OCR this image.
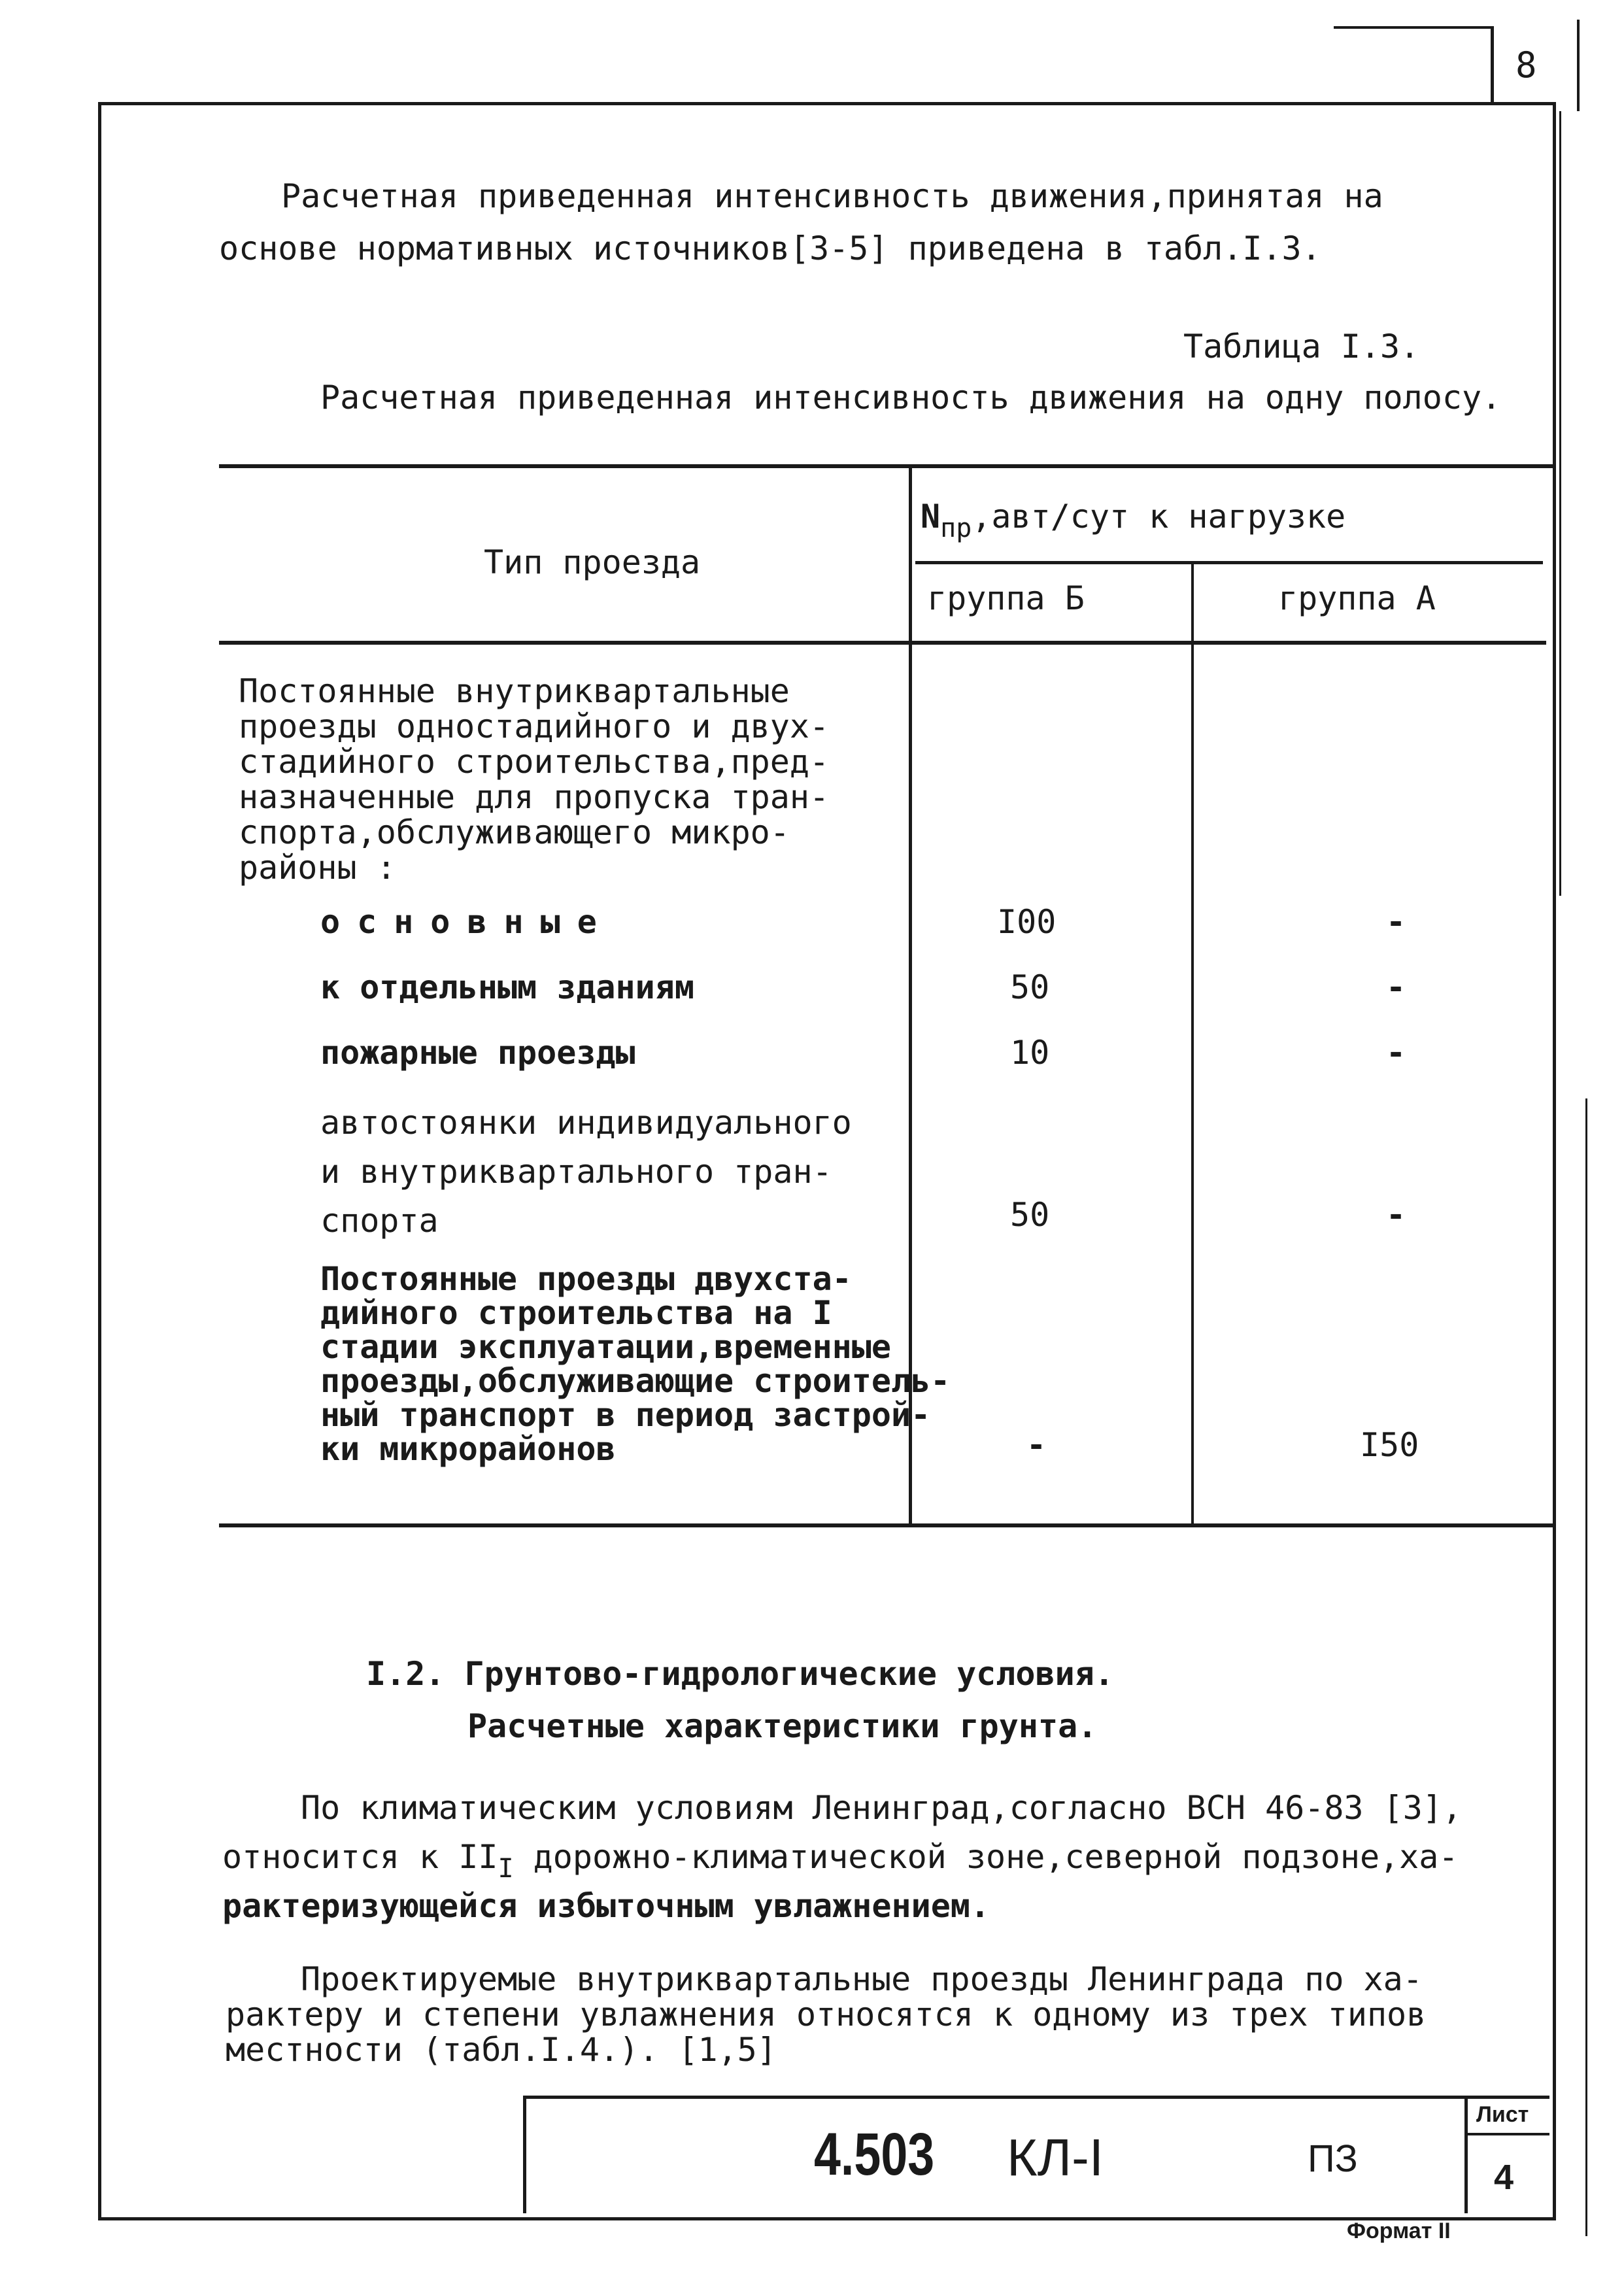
8
Расчетная приведенная интенсивность движения,принятая на
основе нормативных источников[3-5] приведена в табл.I.3.
Таблица I.3.
Расчетная приведенная интенсивность движения на одну полосу.
Тип проезда
$N_{пр},авт$/сут к нагрузке
группа Б	группа А
Постоянные внутриквартальные
проезды одностадийного и двух-
стадийного строительства,пред-
назначенные для пропуска тран-
спорта,обслуживающего микро-
районы :
основные	I00	-
к отдельным зданиям	50	-
пожарные проезды	10	-
автостоянки индивидуального
и внутриквартального тран-
спорта	50	-
Постоянные проезды двухста-
дийного строительства на I
стадии эксплуатации,временные
проезды,обслуживающие строитель-
ный транспорт в период застрой-
ки микрорайонов	-	I50
I.2. Грунтово-гидрологические условия.
Расчетные характеристики грунта.
По климатическим условиям Ленинград,согласно ВСН 46-83 [3],
относится к $II_I$ дорожно-климатической зоне,северной подзоне,ха-
рактеризующейся избыточным увлажнением.
Проектируемые внутриквартальные проезды Ленинграда по ха-
рактеру и степени увлажнения относятся к одному из трех типов
местности (табл.I.4.). [1,5]
4.503 КЛ-I	ПЗ
Лист
4
Формат II
